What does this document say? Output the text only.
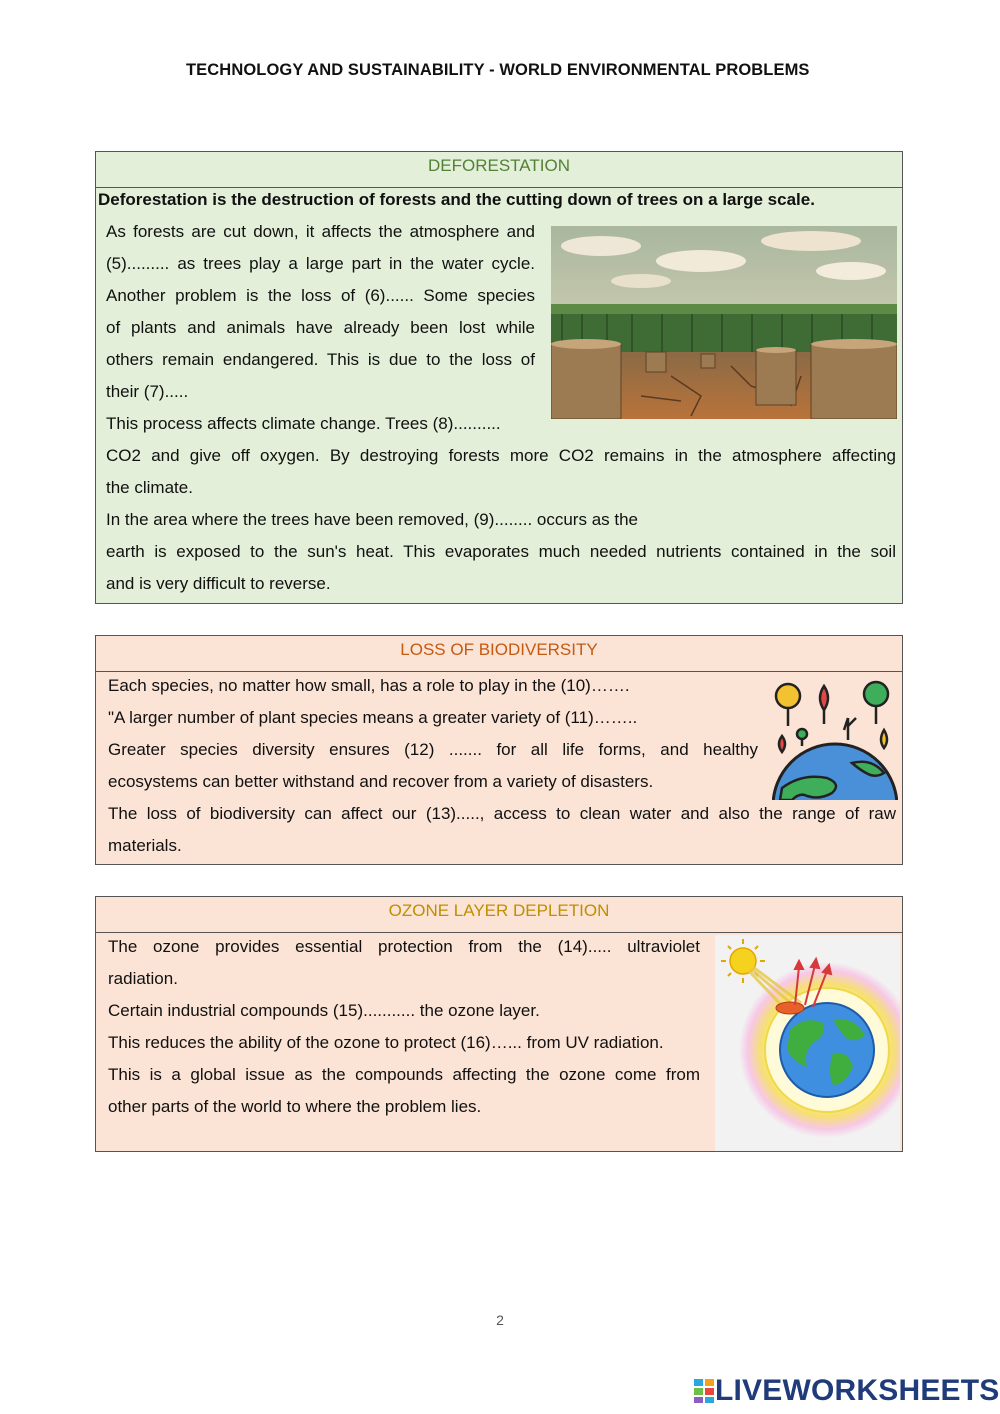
TECHNOLOGY AND SUSTAINABILITY - WORLD ENVIRONMENTAL PROBLEMS
DEFORESTATION
Deforestation is the destruction of forests and the cutting down of trees on a large scale.
As forests are cut down, it affects the atmosphere and
(5)......... as trees play a large part in the water cycle.
Another problem is the loss of (6)...... Some species
of plants and animals have already been lost while
others remain endangered. This is due to the loss of
their (7).....
This process affects climate change. Trees (8)..........
CO2 and give off oxygen. By destroying forests more CO2 remains in the atmosphere affecting
the climate.
In the area where the trees have been removed, (9)........ occurs as the
earth is exposed to the sun's heat. This evaporates much needed nutrients contained in the soil
and is very difficult to reverse.
LOSS OF BIODIVERSITY
Each species, no matter how small, has a role to play in the (10)…….
"A larger number of plant species means a greater variety of (11)……..
Greater species diversity ensures (12) ....... for all life forms, and healthy
ecosystems can better withstand and recover from a variety of disasters.
The loss of biodiversity can affect our (13)....., access to clean water and also the range of raw
materials.
OZONE LAYER DEPLETION
The ozone provides essential protection from the (14)..... ultraviolet
radiation.
Certain industrial compounds (15)........... the ozone layer.
This reduces the ability of the ozone to protect (16)…... from UV radiation.
This is a global issue as the compounds affecting the ozone come from
other parts of the world to where the problem lies.
2
LIVEWORKSHEETS
